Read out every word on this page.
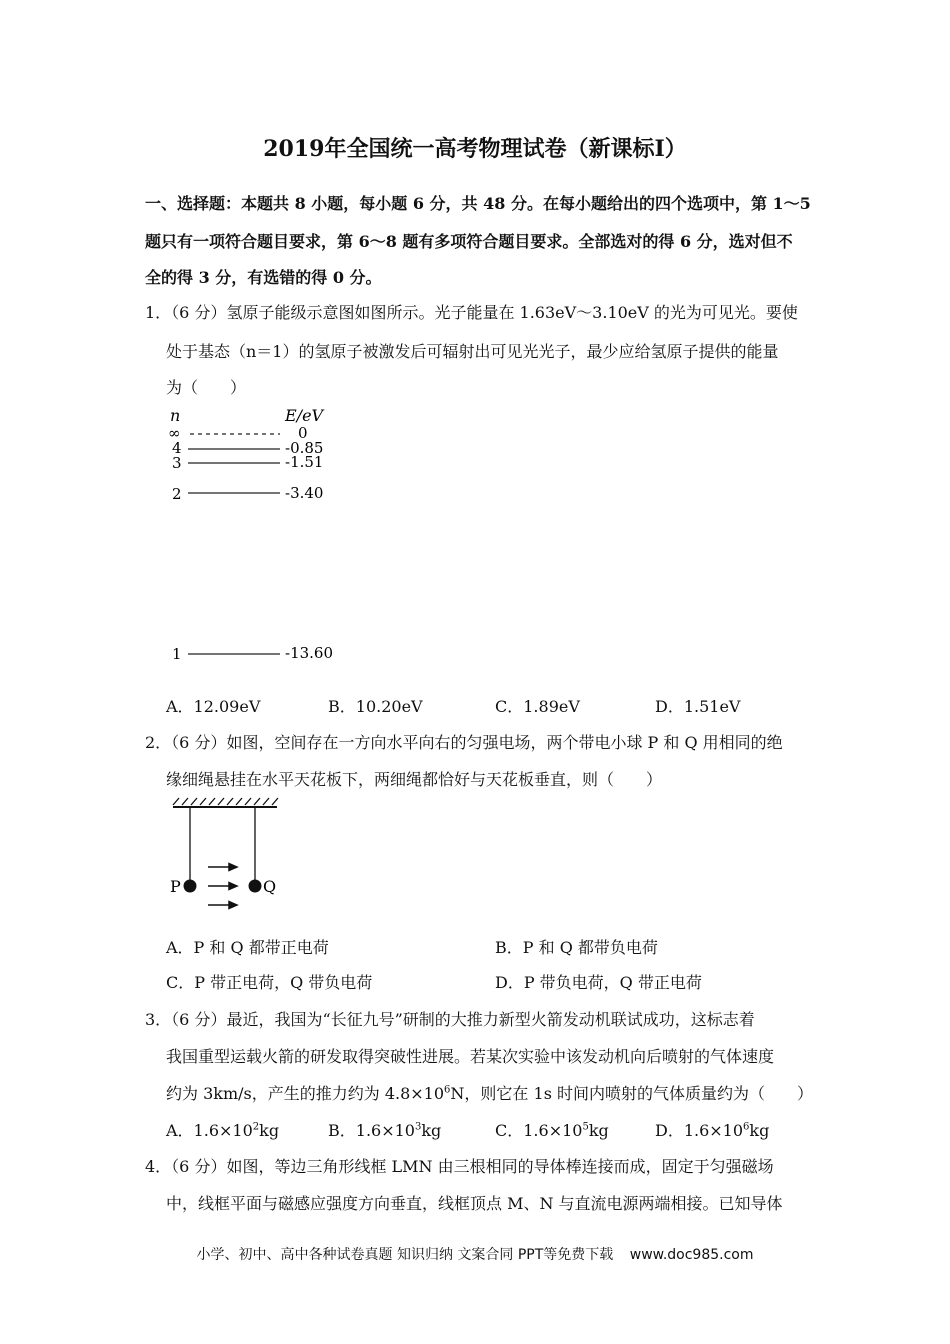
2019年全国统一高考物理试卷（新课标Ⅰ）
一、选择题：本题共 8 小题，每小题 6 分，共 48 分。在每小题给出的四个选项中，第 1～5
题只有一项符合题目要求，第 6～8 题有多项符合题目要求。全部选对的得 6 分，选对但不
全的得 3 分，有选错的得 0 分。
1．（6 分）氢原子能级示意图如图所示。光子能量在 1.63eV～3.10eV 的光为可见光。要使
处于基态（n＝1）的氢原子被激发后可辐射出可见光光子，最少应给氢原子提供的能量
为（　　）
n	E/eV
∞	0
4	-0.85
3	-1.51
2	-3.40
1	-13.60
A．12.09eV	B．10.20eV	C．1.89eV	D．1.51eV
2．（6 分）如图，空间存在一方向水平向右的匀强电场，两个带电小球 P 和 Q 用相同的绝
缘细绳悬挂在水平天花板下，两细绳都恰好与天花板垂直，则（　　）
P	Q
A．P 和 Q 都带正电荷	B．P 和 Q 都带负电荷
C．P 带正电荷，Q 带负电荷	D．P 带负电荷，Q 带正电荷
3．（6 分）最近，我国为“长征九号”研制的大推力新型火箭发动机联试成功，这标志着
我国重型运载火箭的研发取得突破性进展。若某次实验中该发动机向后喷射的气体速度
约为 3km/s，产生的推力约为 $4.8\times 10^6N$，则它在 1s 时间内喷射的气体质量约为（　　）
A．$1.6\times 10^2kg$	B．$1.6\times 10^3kg$	C．$1.6\times 10^5kg$	D．$1.6\times 10^6kg$
4．（6 分）如图，等边三角形线框 LMN 由三根相同的导体棒连接而成，固定于匀强磁场
中，线框平面与磁感应强度方向垂直，线框顶点 M、N 与直流电源两端相接。已知导体
小学、初中、高中各种试卷真题 知识归纳 文案合同 PPT等免费下载 www.doc985.com
